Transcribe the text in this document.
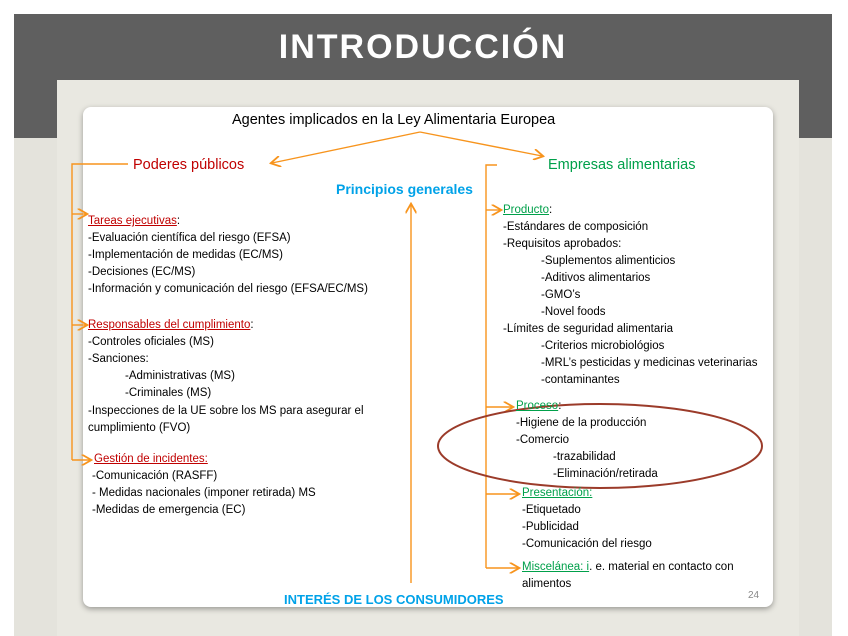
INTRODUCCIÓN
Agentes implicados en la Ley Alimentaria Europea
Poderes públicos	Empresas alimentarias
Principios generales
INTERÉS DE LOS CONSUMIDORES	24
Tareas ejecutivas:
-Evaluación científica del riesgo (EFSA)
-Implementación de medidas (EC/MS)
-Decisiones (EC/MS)
-Información y comunicación del riesgo (EFSA/EC/MS)
Responsables del cumplimiento:
-Controles oficiales (MS)
-Sanciones:
-Administrativas (MS)
-Criminales (MS)
-Inspecciones de la UE sobre los MS para asegurar el
cumplimiento (FVO)
Gestión de incidentes:
-Comunicación (RASFF)
- Medidas nacionales (imponer retirada) MS
-Medidas de emergencia (EC)
Producto:
-Estándares de composición
-Requisitos aprobados:
-Suplementos alimenticios
-Aditivos alimentarios
-GMO’s
-Novel foods
-Límites de seguridad alimentaria
-Criterios microbiológios
-MRL’s pesticidas y medicinas veterinarias
-contaminantes
Proceso:
-Higiene de la producción
-Comercio
-trazabilidad
-Eliminación/retirada
Presentación:
-Etiquetado
-Publicidad
-Comunicación del riesgo
Miscelánea: i. e. material en contacto con
alimentos
